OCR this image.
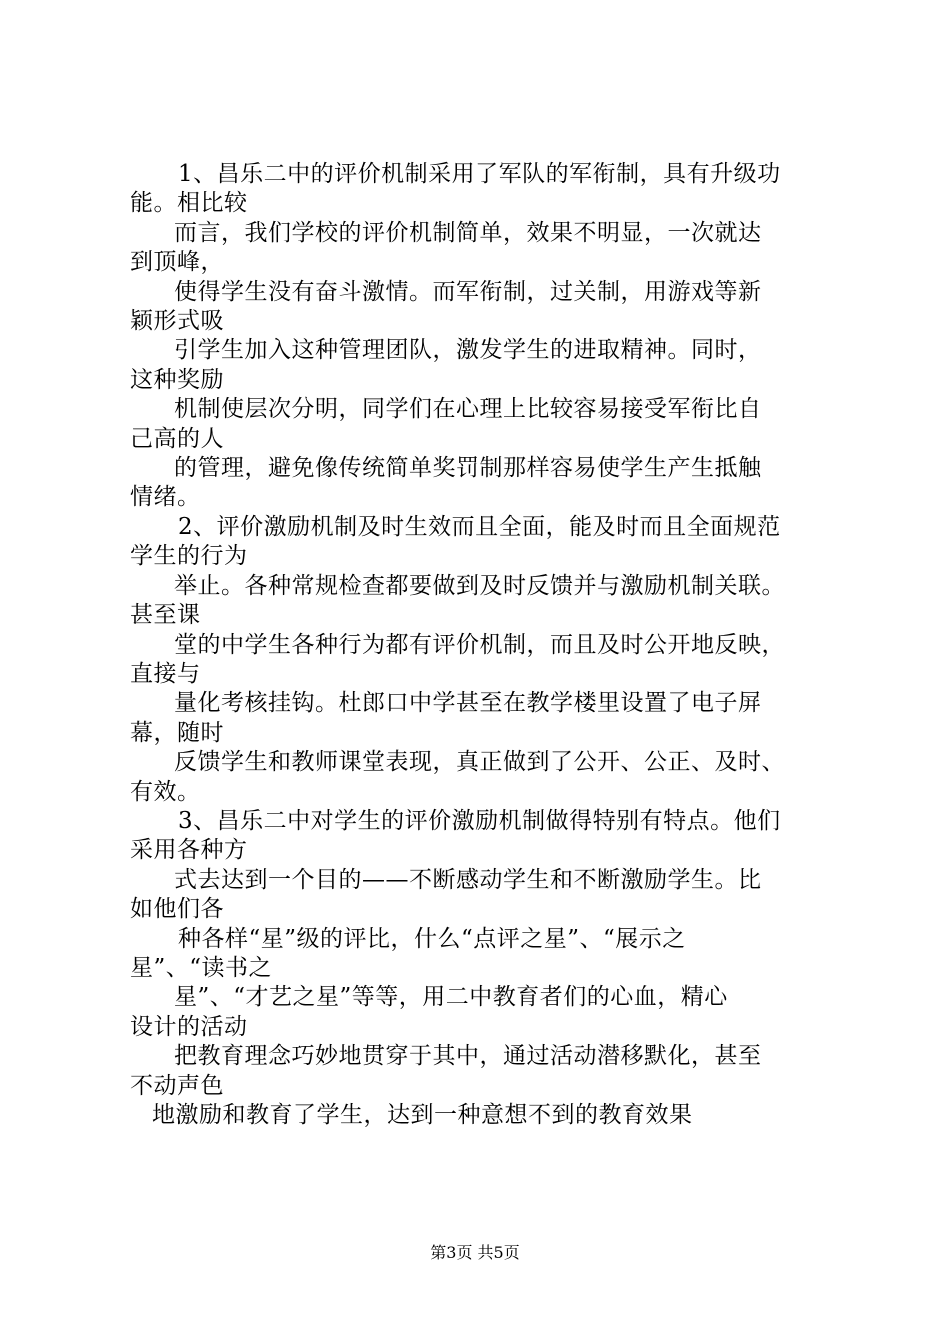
1、昌乐二中的评价机制采用了军队的军衔制，具有升级功
能。相比较
而言，我们学校的评价机制简单，效果不明显，一次就达
到顶峰，
使得学生没有奋斗激情。而军衔制，过关制，用游戏等新
颖形式吸
引学生加入这种管理团队，激发学生的进取精神。同时，
这种奖励
机制使层次分明，同学们在心理上比较容易接受军衔比自
己高的人
的管理，避免像传统简单奖罚制那样容易使学生产生抵触
情绪。
2、评价激励机制及时生效而且全面，能及时而且全面规范
学生的行为
举止。各种常规检查都要做到及时反馈并与激励机制关联。
甚至课
堂的中学生各种行为都有评价机制，而且及时公开地反映，
直接与
量化考核挂钩。杜郎口中学甚至在教学楼里设置了电子屏
幕，随时
反馈学生和教师课堂表现，真正做到了公开、公正、及时、
有效。
3、昌乐二中对学生的评价激励机制做得特别有特点。他们
采用各种方
式去达到一个目的——不断感动学生和不断激励学生。比
如他们各
种各样“星”级的评比，什么“点评之星”、“展示之
星”、“读书之
星”、“才艺之星”等等，用二中教育者们的心血，精心
设计的活动
把教育理念巧妙地贯穿于其中，通过活动潜移默化，甚至
不动声色
地激励和教育了学生，达到一种意想不到的教育效果
第3页 共5页
